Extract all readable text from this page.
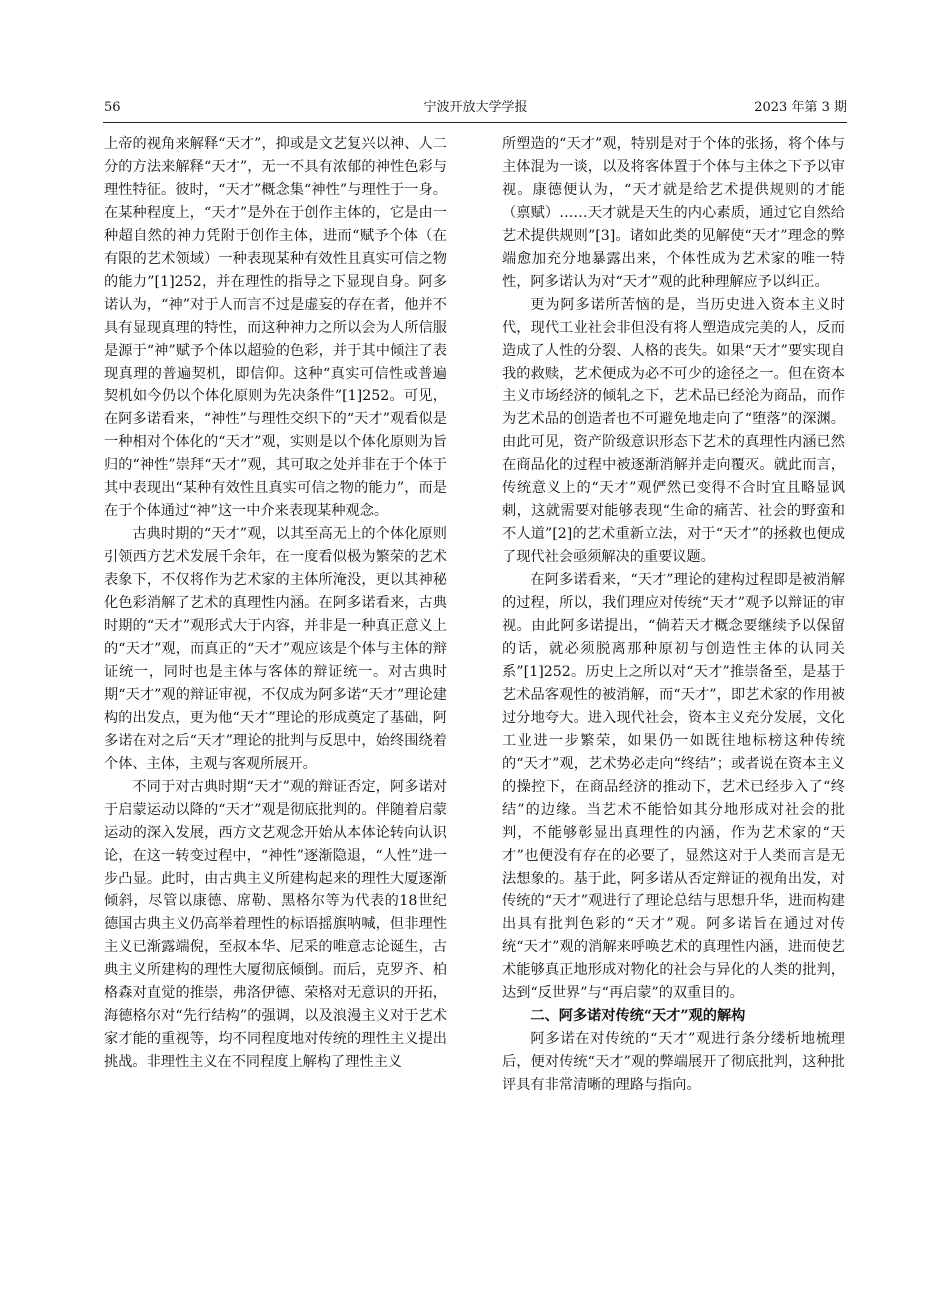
56	宁波开放大学学报	2023 年第 3 期

上帝的视角来解释“天才”，抑或是文艺复兴以神、人二分的方法来解释“天才”，无一不具有浓郁的神性色彩与理性特征。彼时，“天才”概念集“神性”与理性于一身。在某种程度上，“天才”是外在于创作主体的，它是由一种超自然的神力凭附于创作主体，进而“赋予个体（在有限的艺术领域）一种表现某种有效性且真实可信之物的能力”[1]252，并在理性的指导之下显现自身。阿多诺认为，“神”对于人而言不过是虚妄的存在者，他并不具有显现真理的特性，而这种神力之所以会为人所信服是源于“神”赋予个体以超验的色彩，并于其中倾注了表现真理的普遍契机，即信仰。这种“真实可信性或普遍契机如今仍以个体化原则为先决条件”[1]252。可见，在阿多诺看来，“神性”与理性交织下的“天才”观看似是一种相对个体化的“天才”观，实则是以个体化原则为旨归的“神性”崇拜“天才”观，其可取之处并非在于个体于其中表现出“某种有效性且真实可信之物的能力”，而是在于个体通过“神”这一中介来表现某种观念。

古典时期的“天才”观，以其至高无上的个体化原则引领西方艺术发展千余年，在一度看似极为繁荣的艺术表象下，不仅将作为艺术家的主体所淹没，更以其神秘化色彩消解了艺术的真理性内涵。在阿多诺看来，古典时期的“天才”观形式大于内容，并非是一种真正意义上的“天才”观，而真正的“天才”观应该是个体与主体的辩证统一，同时也是主体与客体的辩证统一。对古典时期“天才”观的辩证审视，不仅成为阿多诺“天才”理论建构的出发点，更为他“天才”理论的形成奠定了基础，阿多诺在对之后“天才”理论的批判与反思中，始终围绕着个体、主体，主观与客观所展开。

不同于对古典时期“天才”观的辩证否定，阿多诺对于启蒙运动以降的“天才”观是彻底批判的。伴随着启蒙运动的深入发展，西方文艺观念开始从本体论转向认识论，在这一转变过程中，“神性”逐渐隐退，“人性”进一步凸显。此时，由古典主义所建构起来的理性大厦逐渐倾斜，尽管以康德、席勒、黑格尔等为代表的18世纪德国古典主义仍高举着理性的标语摇旗呐喊，但非理性主义已渐露端倪，至叔本华、尼采的唯意志论诞生，古典主义所建构的理性大厦彻底倾倒。而后，克罗齐、柏格森对直觉的推崇，弗洛伊德、荣格对无意识的开拓，海德格尔对“先行结构”的强调，以及浪漫主义对于艺术家才能的重视等，均不同程度地对传统的理性主义提出挑战。非理性主义在不同程度上解构了理性主义

所塑造的“天才”观，特别是对于个体的张扬，将个体与主体混为一谈，以及将客体置于个体与主体之下予以审视。康德便认为，“天才就是给艺术提供规则的才能（禀赋）……天才就是天生的内心素质，通过它自然给艺术提供规则”[3]。诸如此类的见解使“天才”理念的弊端愈加充分地暴露出来，个体性成为艺术家的唯一特性，阿多诺认为对“天才”观的此种理解应予以纠正。

更为阿多诺所苦恼的是，当历史进入资本主义时代，现代工业社会非但没有将人塑造成完美的人，反而造成了人性的分裂、人格的丧失。如果“天才”要实现自我的救赎，艺术便成为必不可少的途径之一。但在资本主义市场经济的倾轧之下，艺术品已经沦为商品，而作为艺术品的创造者也不可避免地走向了“堕落”的深渊。由此可见，资产阶级意识形态下艺术的真理性内涵已然在商品化的过程中被逐渐消解并走向覆灭。就此而言，传统意义上的“天才”观俨然已变得不合时宜且略显讽刺，这就需要对能够表现“生命的痛苦、社会的野蛮和不人道”[2]的艺术重新立法，对于“天才”的拯救也便成了现代社会亟须解决的重要议题。

在阿多诺看来，“天才”理论的建构过程即是被消解的过程，所以，我们理应对传统“天才”观予以辩证的审视。由此阿多诺提出，“倘若天才概念要继续予以保留的话，就必须脱离那种原初与创造性主体的认同关系”[1]252。历史上之所以对“天才”推崇备至，是基于艺术品客观性的被消解，而“天才”，即艺术家的作用被过分地夸大。进入现代社会，资本主义充分发展，文化工业进一步繁荣，如果仍一如既往地标榜这种传统的“天才”观，艺术势必走向“终结”；或者说在资本主义的操控下，在商品经济的推动下，艺术已经步入了“终结”的边缘。当艺术不能恰如其分地形成对社会的批判，不能够彰显出真理性的内涵，作为艺术家的“天才”也便没有存在的必要了，显然这对于人类而言是无法想象的。基于此，阿多诺从否定辩证的视角出发，对传统的“天才”观进行了理论总结与思想升华，进而构建出具有批判色彩的“天才”观。阿多诺旨在通过对传统“天才”观的消解来呼唤艺术的真理性内涵，进而使艺术能够真正地形成对物化的社会与异化的人类的批判，达到“反世界”与“再启蒙”的双重目的。

二、阿多诺对传统“天才”观的解构

阿多诺在对传统的“天才”观进行条分缕析地梳理后，便对传统“天才”观的弊端展开了彻底批判，这种批评具有非常清晰的理路与指向。
